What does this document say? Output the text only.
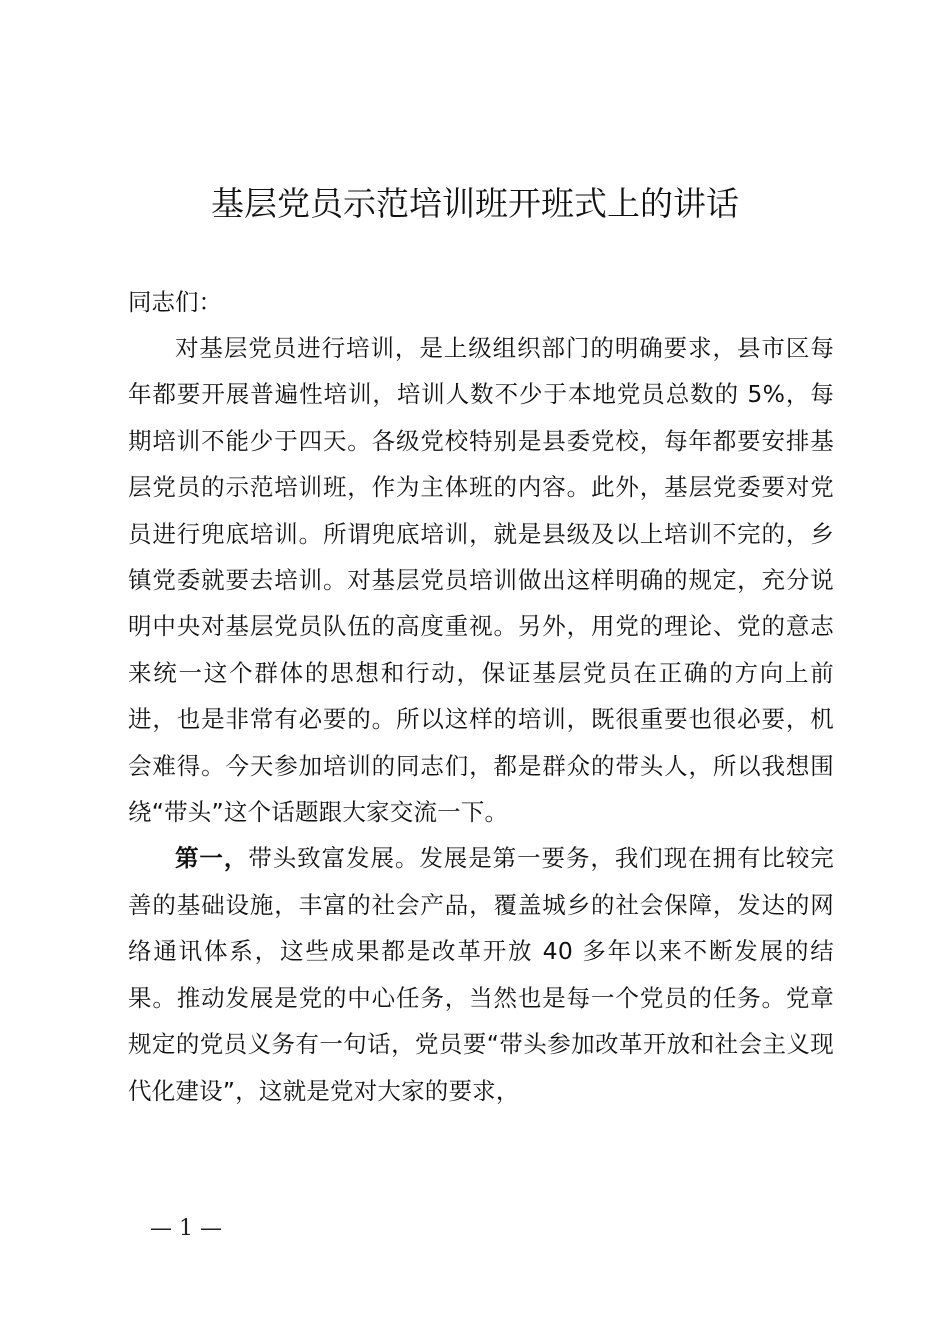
基层党员示范培训班开班式上的讲话

同志们：

对基层党员进行培训，是上级组织部门的明确要求，县市区每年都要开展普遍性培训，培训人数不少于本地党员总数的 5%，每期培训不能少于四天。各级党校特别是县委党校，每年都要安排基层党员的示范培训班，作为主体班的内容。此外，基层党委要对党员进行兜底培训。所谓兜底培训，就是县级及以上培训不完的，乡镇党委就要去培训。对基层党员培训做出这样明确的规定，充分说明中央对基层党员队伍的高度重视。另外，用党的理论、党的意志来统一这个群体的思想和行动，保证基层党员在正确的方向上前进，也是非常有必要的。所以这样的培训，既很重要也很必要，机会难得。今天参加培训的同志们，都是群众的带头人，所以我想围绕“带头”这个话题跟大家交流一下。

第一，带头致富发展。发展是第一要务，我们现在拥有比较完善的基础设施，丰富的社会产品，覆盖城乡的社会保障，发达的网络通讯体系，这些成果都是改革开放 40 多年以来不断发展的结果。推动发展是党的中心任务，当然也是每一个党员的任务。党章规定的党员义务有一句话，党员要“带头参加改革开放和社会主义现代化建设”，这就是党对大家的要求，

— 1 —
